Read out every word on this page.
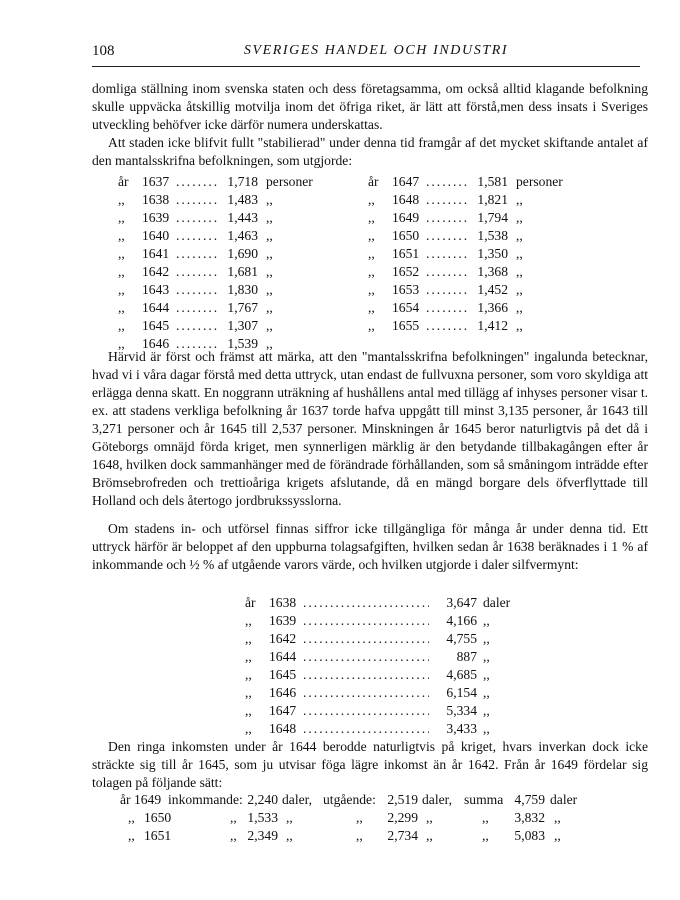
108	SVERIGES HANDEL OCH INDUSTRI

domliga ställning inom svenska staten och dess företagsamma, om också alltid klagande befolkning skulle uppväcka åtskillig motvilja inom det öfriga riket, är lätt att förstå,men dess insats i Sveriges utveckling behöfver icke därför numera underskattas.

Att staden icke blifvit fullt "stabilierad" under denna tid framgår af det mycket skiftande antalet af den mantalsskrifna befolkningen, som utgjorde:

år 1637 .....	1,718 personer
,, 1638 .....	1,483 ,,
,, 1639 .....	1,443 ,,
,, 1640 .....	1,463 ,,
,, 1641 .....	1,690 ,,
,, 1642 .....	1,681 ,,
,, 1643 .....	1,830 ,,
,, 1644 .....	1,767 ,,
,, 1645 .....	1,307 ,,
,, 1646 .....	1,539 ,,
år 1647 .....	1,581 personer
,, 1648 .....	1,821 ,,
,, 1649 .....	1,794 ,,
,, 1650 .....	1,538 ,,
,, 1651 .....	1,350 ,,
,, 1652 .....	1,368 ,,
,, 1653 .....	1,452 ,,
,, 1654 .....	1,366 ,,
,, 1655 .....	1,412 ,,

Härvid är först och främst att märka, att den "mantalsskrifna befolkningen" ingalunda betecknar, hvad vi i våra dagar förstå med detta uttryck, utan endast de fullvuxna personer, som voro skyldiga att erlägga denna skatt. En noggrann uträkning af hushållens antal med tillägg af inhyses personer visar t. ex. att stadens verkliga befolkning år 1637 torde hafva uppgått till minst 3,135 personer, år 1643 till 3,271 personer och år 1645 till 2,537 personer. Minskningen år 1645 beror naturligtvis på det då i Göteborgs omnäjd förda kriget, men synnerligen märklig är den betydande tillbakagången efter år 1648, hvilken dock sammanhänger med de förändrade förhållanden, som så småningom inträdde efter Brömsebrofreden och trettioåriga krigets afslutande, då en mängd borgare dels öfverflyttade till Holland och dels återtogo jordbrukssysslorna.

Om stadens in- och utförsel finnas siffror icke tillgängliga för många år under denna tid. Ett uttryck härför är beloppet af den uppburna tolagsafgiften, hvilken sedan år 1638 beräknades i 1 % af inkommande och ½ % af utgående varors värde, och hvilken utgjorde i daler silfvermynt:

år 1638 .....	3,647 daler
,, 1639 .....	4,166 ,,
,, 1642 .....	4,755 ,,
,, 1644 .....	887 ,,
,, 1645 .....	4,685 ,,
,, 1646 .....	6,154 ,,
,, 1647 .....	5,334 ,,
,, 1648 .....	3,433 ,,

Den ringa inkomsten under år 1644 berodde naturligtvis på kriget, hvars inverkan dock icke sträckte sig till år 1645, som ju utvisar föga lägre inkomst än år 1642. Från år 1649 fördelar sig tolagen på följande sätt:

år 1649 inkommande: 2,240 daler, utgående: 2,519 daler, summa 4,759 daler
,, 1650	,, 1,533 ,,	,,	2,299 ,,	,,	3,832 ,,
,, 1651	,, 2,349 ,,	,,	2,734 ,,	,,	5,083 ,,
